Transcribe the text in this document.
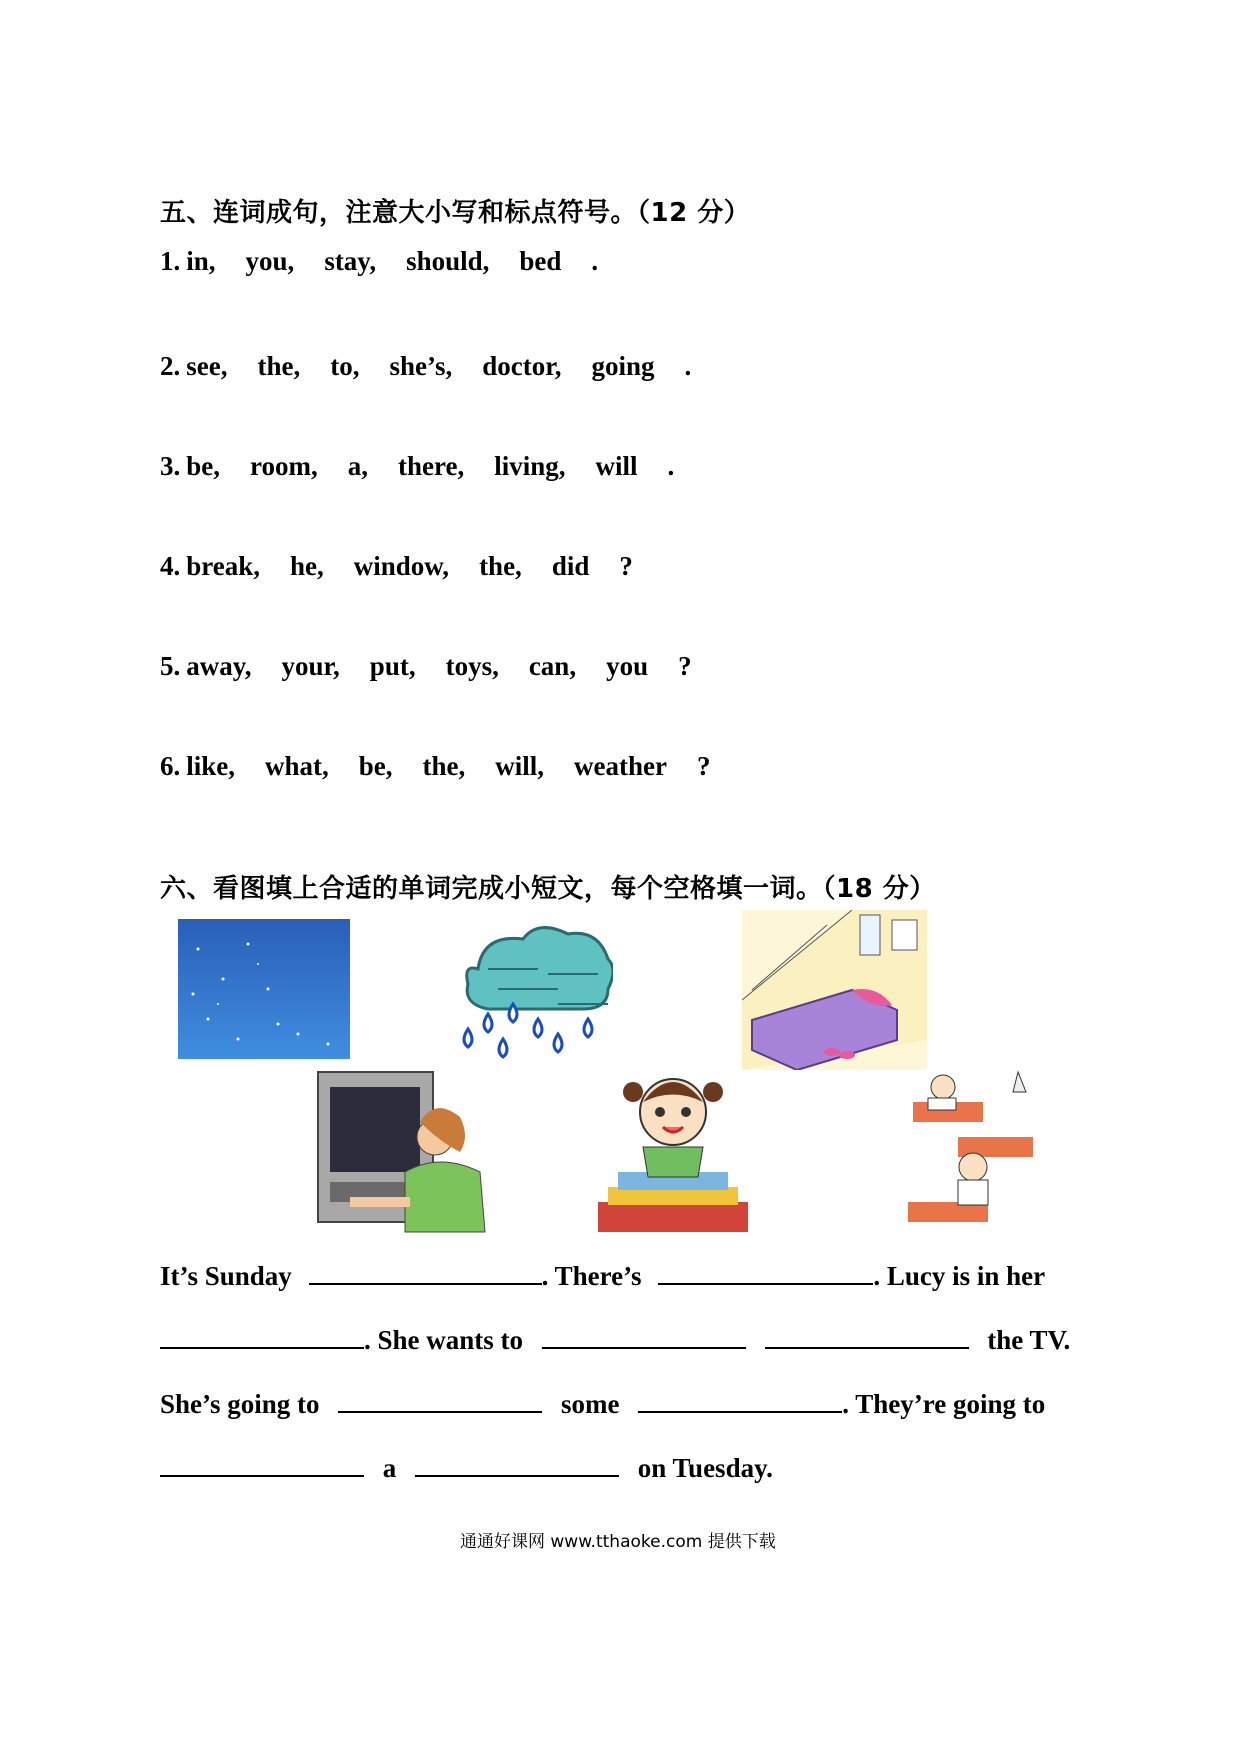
五、连词成句，注意大小写和标点符号。（12 分）
1. in, you, stay, should, bed .
2. see, the, to, she’s, doctor, going .
3. be, room, a, there, living, will .
4. break, he, window, the, did ?
5. away, your, put, toys, can, you ?
6. like, what, be, the, will, weather ?
六、看图填上合适的单词完成小短文，每个空格填一词。（18 分）
It’s Sunday	. There’s	. Lucy is in her
. She wants to	the TV.
She’s going to	some	. They’re going to
a	on Tuesday.
通通好课网 www.tthaoke.com 提供下载
